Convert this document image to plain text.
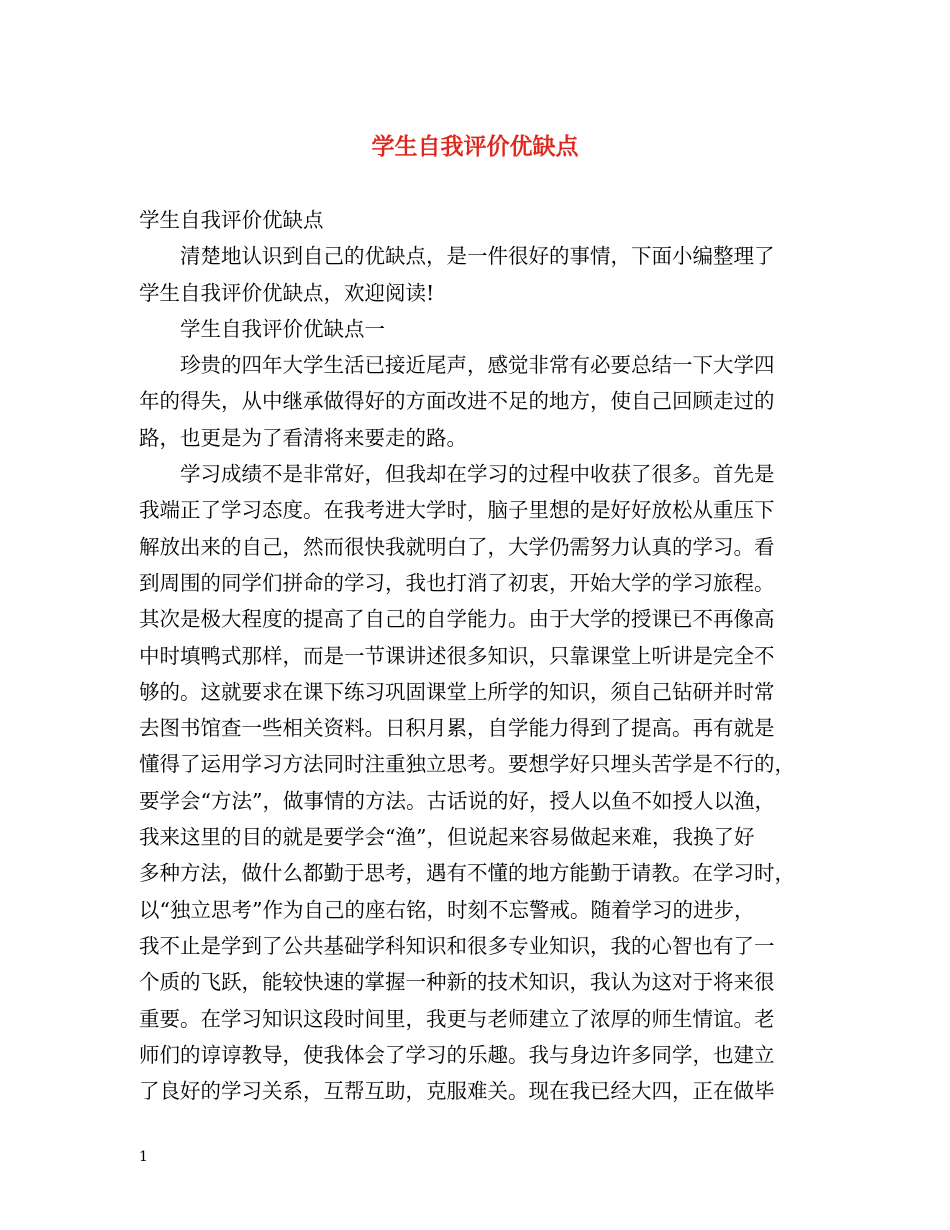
学生自我评价优缺点
学生自我评价优缺点
清楚地认识到自己的优缺点，是一件很好的事情，下面小编整理了
学生自我评价优缺点，欢迎阅读!
学生自我评价优缺点一
珍贵的四年大学生活已接近尾声，感觉非常有必要总结一下大学四
年的得失，从中继承做得好的方面改进不足的地方，使自己回顾走过的
路，也更是为了看清将来要走的路。
学习成绩不是非常好，但我却在学习的过程中收获了很多。首先是
我端正了学习态度。在我考进大学时，脑子里想的是好好放松从重压下
解放出来的自己，然而很快我就明白了，大学仍需努力认真的学习。看
到周围的同学们拼命的学习，我也打消了初衷，开始大学的学习旅程。
其次是极大程度的提高了自己的自学能力。由于大学的授课已不再像高
中时填鸭式那样，而是一节课讲述很多知识，只靠课堂上听讲是完全不
够的。这就要求在课下练习巩固课堂上所学的知识，须自己钻研并时常
去图书馆查一些相关资料。日积月累，自学能力得到了提高。再有就是
懂得了运用学习方法同时注重独立思考。要想学好只埋头苦学是不行的，
要学会“方法”，做事情的方法。古话说的好，授人以鱼不如授人以渔，
我来这里的目的就是要学会“渔”，但说起来容易做起来难，我换了好
多种方法，做什么都勤于思考，遇有不懂的地方能勤于请教。在学习时，
以“独立思考”作为自己的座右铭，时刻不忘警戒。随着学习的进步，
我不止是学到了公共基础学科知识和很多专业知识，我的心智也有了一
个质的飞跃，能较快速的掌握一种新的技术知识，我认为这对于将来很
重要。在学习知识这段时间里，我更与老师建立了浓厚的师生情谊。老
师们的谆谆教导，使我体会了学习的乐趣。我与身边许多同学，也建立
了良好的学习关系，互帮互助，克服难关。现在我已经大四，正在做毕
1
